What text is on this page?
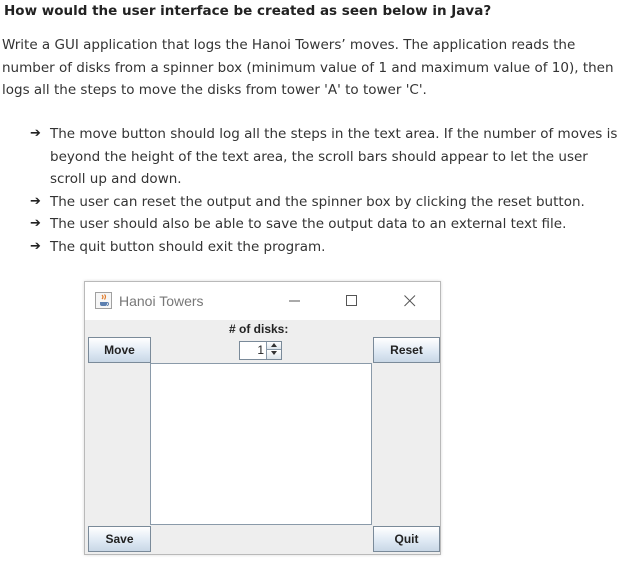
How would the user interface be created as seen below in Java?
Write a GUI application that logs the Hanoi Towers’ moves. The application reads the number of disks from a spinner box (minimum value of 1 and maximum value of 10), then logs all the steps to move the disks from tower 'A' to tower 'C'.
➔ The move button should log all the steps in the text area. If the number of moves is beyond the height of the text area, the scroll bars should appear to let the user scroll up and down.
➔ The user can reset the output and the spinner box by clicking the reset button.
➔ The user should also be able to save the output data to an external text file.
➔ The quit button should exit the program.
Hanoi Towers
# of disks:
1
Move	Reset
Save	Quit
